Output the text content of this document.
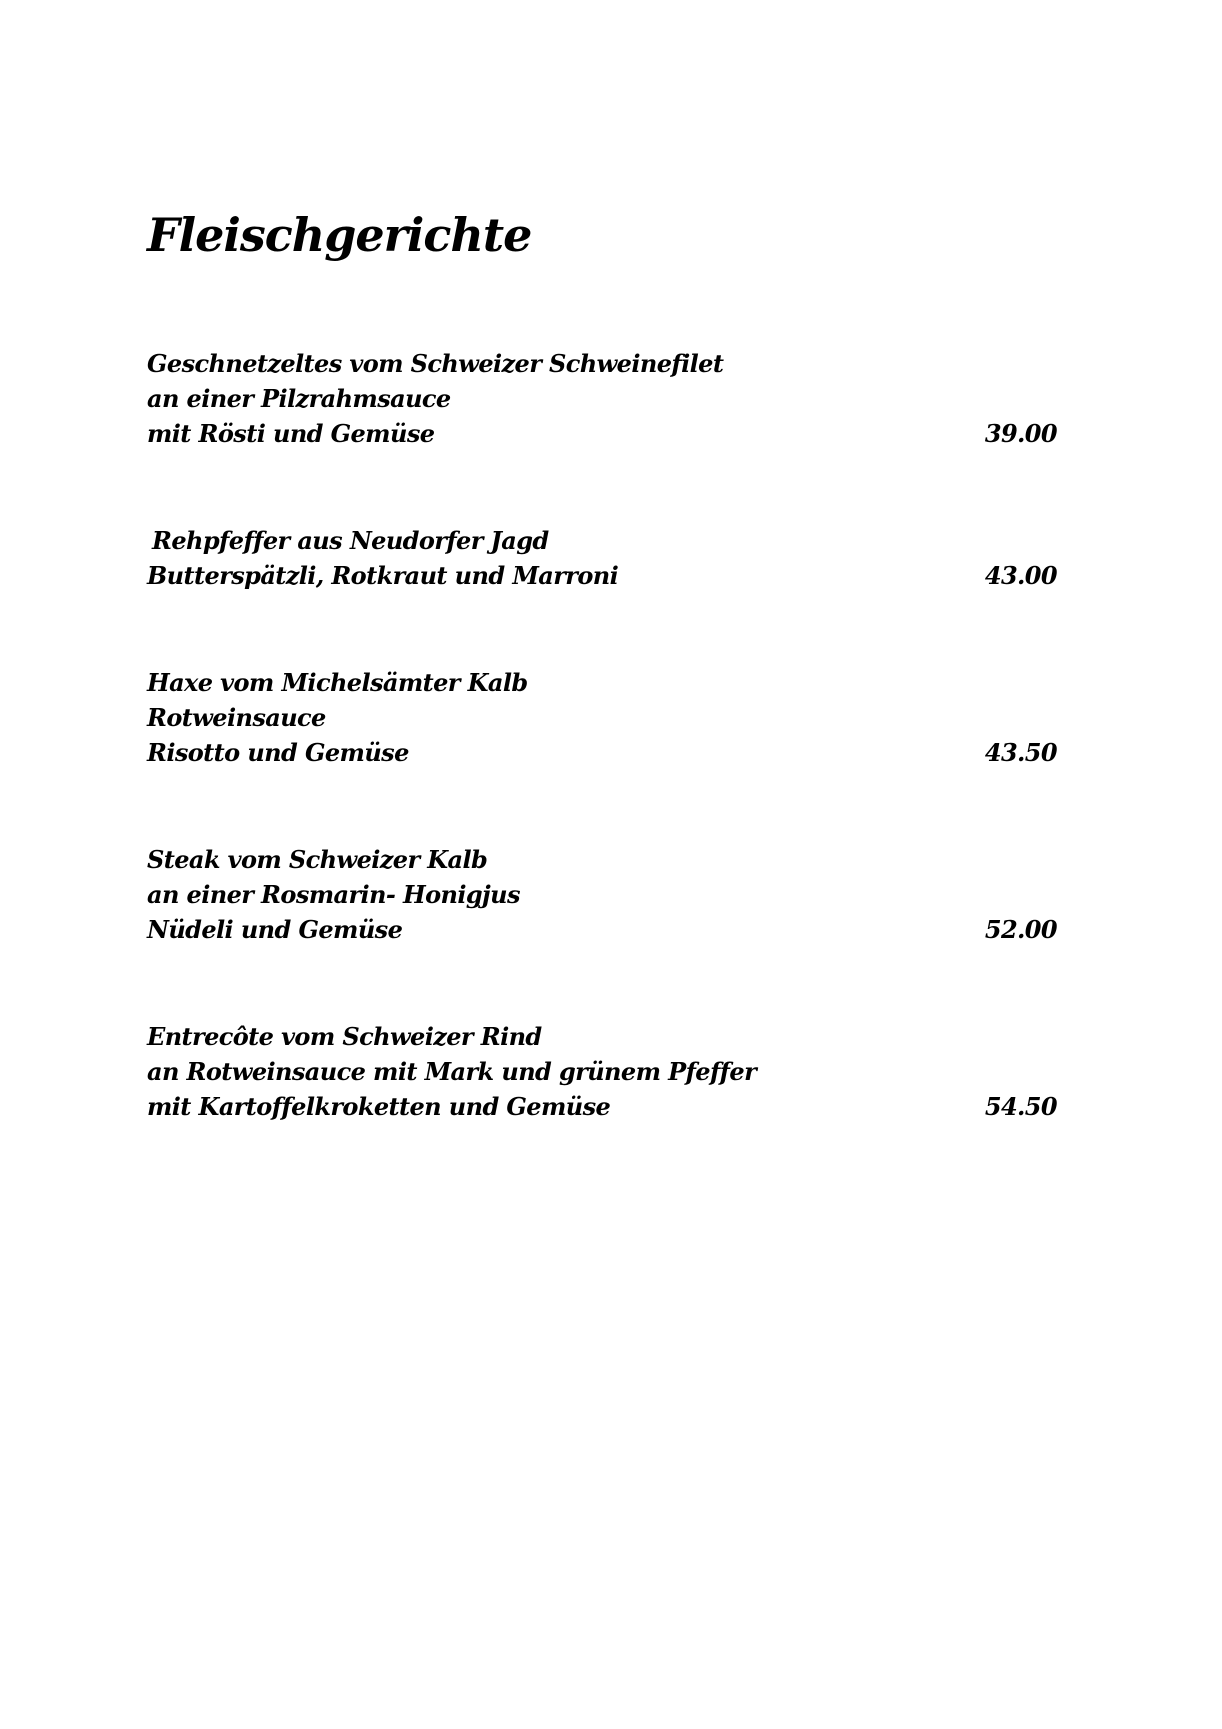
Fleischgerichte
Geschnetzeltes vom Schweizer Schweinefilet
an einer Pilzrahmsauce
mit Rösti und Gemüse	39.00
Rehpfeffer aus Neudorfer Jagd
Butterspätzli, Rotkraut und Marroni	43.00
Haxe vom Michelsämter Kalb
Rotweinsauce
Risotto und Gemüse	43.50
Steak vom Schweizer Kalb
an einer Rosmarin- Honigjus
Nüdeli und Gemüse	52.00
Entrecôte vom Schweizer Rind
an Rotweinsauce mit Mark und grünem Pfeffer
mit Kartoffelkroketten und Gemüse	54.50
